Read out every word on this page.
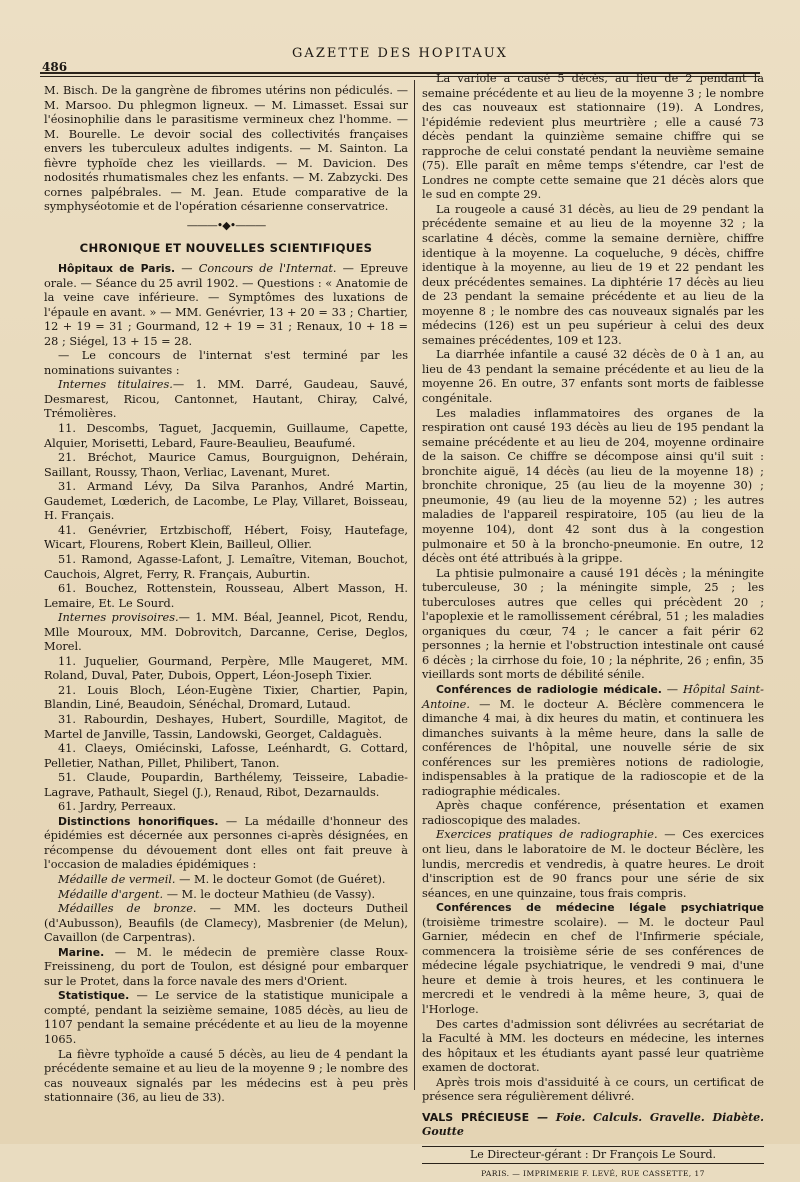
GAZETTE DES HOPITAUX
486

M. Bisch. De la gangrène de fibromes utérins non pédiculés. — M. Marsoo. Du phlegmon ligneux. — M. Limasset. Essai sur l'éosinophilie dans le parasitisme vermineux chez l'homme. — M. Bourelle. Le devoir social des collectivités françaises envers les tuberculeux adultes indigents. — M. Sainton. La fièvre typhoïde chez les vieillards. — M. Davicion. Des nodosités rhumatismales chez les enfants. — M. Zabzycki. Des cornes palpébrales. — M. Jean. Etude comparative de la symphyséotomie et de l'opération césarienne conservatrice.

———•◆•———
CHRONIQUE ET NOUVELLES SCIENTIFIQUES

Hôpitaux de Paris. — Concours de l'Internat. — Epreuve orale. — Séance du 25 avril 1902. — Questions : « Anatomie de la veine cave inférieure. — Symptômes des luxations de l'épaule en avant. » — MM. Genévrier, 13 + 20 = 33 ; Chartier, 12 + 19 = 31 ; Gourmand, 12 + 19 = 31 ; Renaux, 10 + 18 = 28 ; Siégel, 13 + 15 = 28.

— Le concours de l'internat s'est terminé par les nominations suivantes :

Internes titulaires.— 1. MM. Darré, Gaudeau, Sauvé, Desmarest, Ricou, Cantonnet, Hautant, Chiray, Calvé, Trémolières.

11. Descombs, Taguet, Jacquemin, Guillaume, Capette, Alquier, Morisetti, Lebard, Faure-Beaulieu, Beaufumé.

21. Bréchot, Maurice Camus, Bourguignon, Dehérain, Saillant, Roussy, Thaon, Verliac, Lavenant, Muret.

31. Armand Lévy, Da Silva Paranhos, André Martin, Gaudemet, Lœderich, de Lacombe, Le Play, Villaret, Boisseau, H. Français.

41. Genévrier, Ertzbischoff, Hébert, Foisy, Hautefage, Wicart, Flourens, Robert Klein, Bailleul, Ollier.

51. Ramond, Agasse-Lafont, J. Lemaître, Viteman, Bouchot, Cauchois, Algret, Ferry, R. Français, Auburtin.

61. Bouchez, Rottenstein, Rousseau, Albert Masson, H. Lemaire, Et. Le Sourd.

Internes provisoires.— 1. MM. Béal, Jeannel, Picot, Rendu, Mlle Mouroux, MM. Dobrovitch, Darcanne, Cerise, Deglos, Morel.

11. Juquelier, Gourmand, Perpère, Mlle Maugeret, MM. Roland, Duval, Pater, Dubois, Oppert, Léon-Joseph Tixier.

21. Louis Bloch, Léon-Eugène Tixier, Chartier, Papin, Blandin, Liné, Beaudoin, Sénéchal, Dromard, Lutaud.

31. Rabourdin, Deshayes, Hubert, Sourdille, Magitot, de Martel de Janville, Tassin, Landowski, Georget, Caldaguès.

41. Claeys, Omiécinski, Lafosse, Leénhardt, G. Cottard, Pelletier, Nathan, Pillet, Philibert, Tanon.

51. Claude, Poupardin, Barthélemy, Teisseire, Labadie-Lagrave, Pathault, Siegel (J.), Renaud, Ribot, Dezarnaulds.

61. Jardry, Perreaux.

Distinctions honorifiques. — La médaille d'honneur des épidémies est décernée aux personnes ci-après désignées, en récompense du dévouement dont elles ont fait preuve à l'occasion de maladies épidémiques :

Médaille de vermeil. — M. le docteur Gomot (de Guéret).

Médaille d'argent. — M. le docteur Mathieu (de Vassy).

Médailles de bronze. — MM. les docteurs Dutheil (d'Aubusson), Beaufils (de Clamecy), Masbrenier (de Melun), Cavaillon (de Carpentras).

Marine. — M. le médecin de première classe Roux-Freissineng, du port de Toulon, est désigné pour embarquer sur le Protet, dans la force navale des mers d'Orient.

Statistique. — Le service de la statistique municipale a compté, pendant la seizième semaine, 1085 décès, au lieu de 1107 pendant la semaine précédente et au lieu de la moyenne 1065.

La fièvre typhoïde a causé 5 décès, au lieu de 4 pendant la précédente semaine et au lieu de la moyenne 9 ; le nombre des cas nouveaux signalés par les médecins est à peu près stationnaire (36, au lieu de 33).

La variole a causé 5 décès, au lieu de 2 pendant la semaine précédente et au lieu de la moyenne 3 ; le nombre des cas nouveaux est stationnaire (19). A Londres, l'épidémie redevient plus meurtrière ; elle a causé 73 décès pendant la quinzième semaine chiffre qui se rapproche de celui constaté pendant la neuvième semaine (75). Elle paraît en même temps s'étendre, car l'est de Londres ne compte cette semaine que 21 décès alors que le sud en compte 29.

La rougeole a causé 31 décès, au lieu de 29 pendant la précédente semaine et au lieu de la moyenne 32 ; la scarlatine 4 décès, comme la semaine dernière, chiffre identique à la moyenne. La coqueluche, 9 décès, chiffre identique à la moyenne, au lieu de 19 et 22 pendant les deux précédentes semaines. La diphtérie 17 décès au lieu de 23 pendant la semaine précédente et au lieu de la moyenne 8 ; le nombre des cas nouveaux signalés par les médecins (126) est un peu supérieur à celui des deux semaines précédentes, 109 et 123.

La diarrhée infantile a causé 32 décès de 0 à 1 an, au lieu de 43 pendant la semaine précédente et au lieu de la moyenne 26. En outre, 37 enfants sont morts de faiblesse congénitale.

Les maladies inflammatoires des organes de la respiration ont causé 193 décès au lieu de 195 pendant la semaine précédente et au lieu de 204, moyenne ordinaire de la saison. Ce chiffre se décompose ainsi qu'il suit : bronchite aiguë, 14 décès (au lieu de la moyenne 18) ; bronchite chronique, 25 (au lieu de la moyenne 30) ; pneumonie, 49 (au lieu de la moyenne 52) ; les autres maladies de l'appareil respiratoire, 105 (au lieu de la moyenne 104), dont 42 sont dus à la congestion pulmonaire et 50 à la broncho-pneumonie. En outre, 12 décès ont été attribués à la grippe.

La phtisie pulmonaire a causé 191 décès ; la méningite tuberculeuse, 30 ; la méningite simple, 25 ; les tuberculoses autres que celles qui précèdent 20 ; l'apoplexie et le ramollissement cérébral, 51 ; les maladies organiques du cœur, 74 ; le cancer a fait périr 62 personnes ; la hernie et l'obstruction intestinale ont causé 6 décès ; la cirrhose du foie, 10 ; la néphrite, 26 ; enfin, 35 vieillards sont morts de débilité sénile.

Conférences de radiologie médicale. — Hôpital Saint-Antoine. — M. le docteur A. Béclère commencera le dimanche 4 mai, à dix heures du matin, et continuera les dimanches suivants à la même heure, dans la salle de conférences de l'hôpital, une nouvelle série de six conférences sur les premières notions de radiologie, indispensables à la pratique de la radioscopie et de la radiographie médicales.

Après chaque conférence, présentation et examen radioscopique des malades.

Exercices pratiques de radiographie. — Ces exercices ont lieu, dans le laboratoire de M. le docteur Béclère, les lundis, mercredis et vendredis, à quatre heures. Le droit d'inscription est de 90 francs pour une série de six séances, en une quinzaine, tous frais compris.

Conférences de médecine légale psychiatrique (troisième trimestre scolaire). — M. le docteur Paul Garnier, médecin en chef de l'Infirmerie spéciale, commencera la troisième série de ses conférences de médecine légale psychiatrique, le vendredi 9 mai, d'une heure et demie à trois heures, et les continuera le mercredi et le vendredi à la même heure, 3, quai de l'Horloge.

Des cartes d'admission sont délivrées au secrétariat de la Faculté à MM. les docteurs en médecine, les internes des hôpitaux et les étudiants ayant passé leur quatrième examen de doctorat.

Après trois mois d'assiduité à ce cours, un certificat de présence sera régulièrement délivré.

VALS PRÉCIEUSE — Foie. Calculs. Gravelle. Diabète. Goutte
Le Directeur-gérant : Dr François Le Sourd.
PARIS. — IMPRIMERIE F. LEVÉ, RUE CASSETTE, 17
